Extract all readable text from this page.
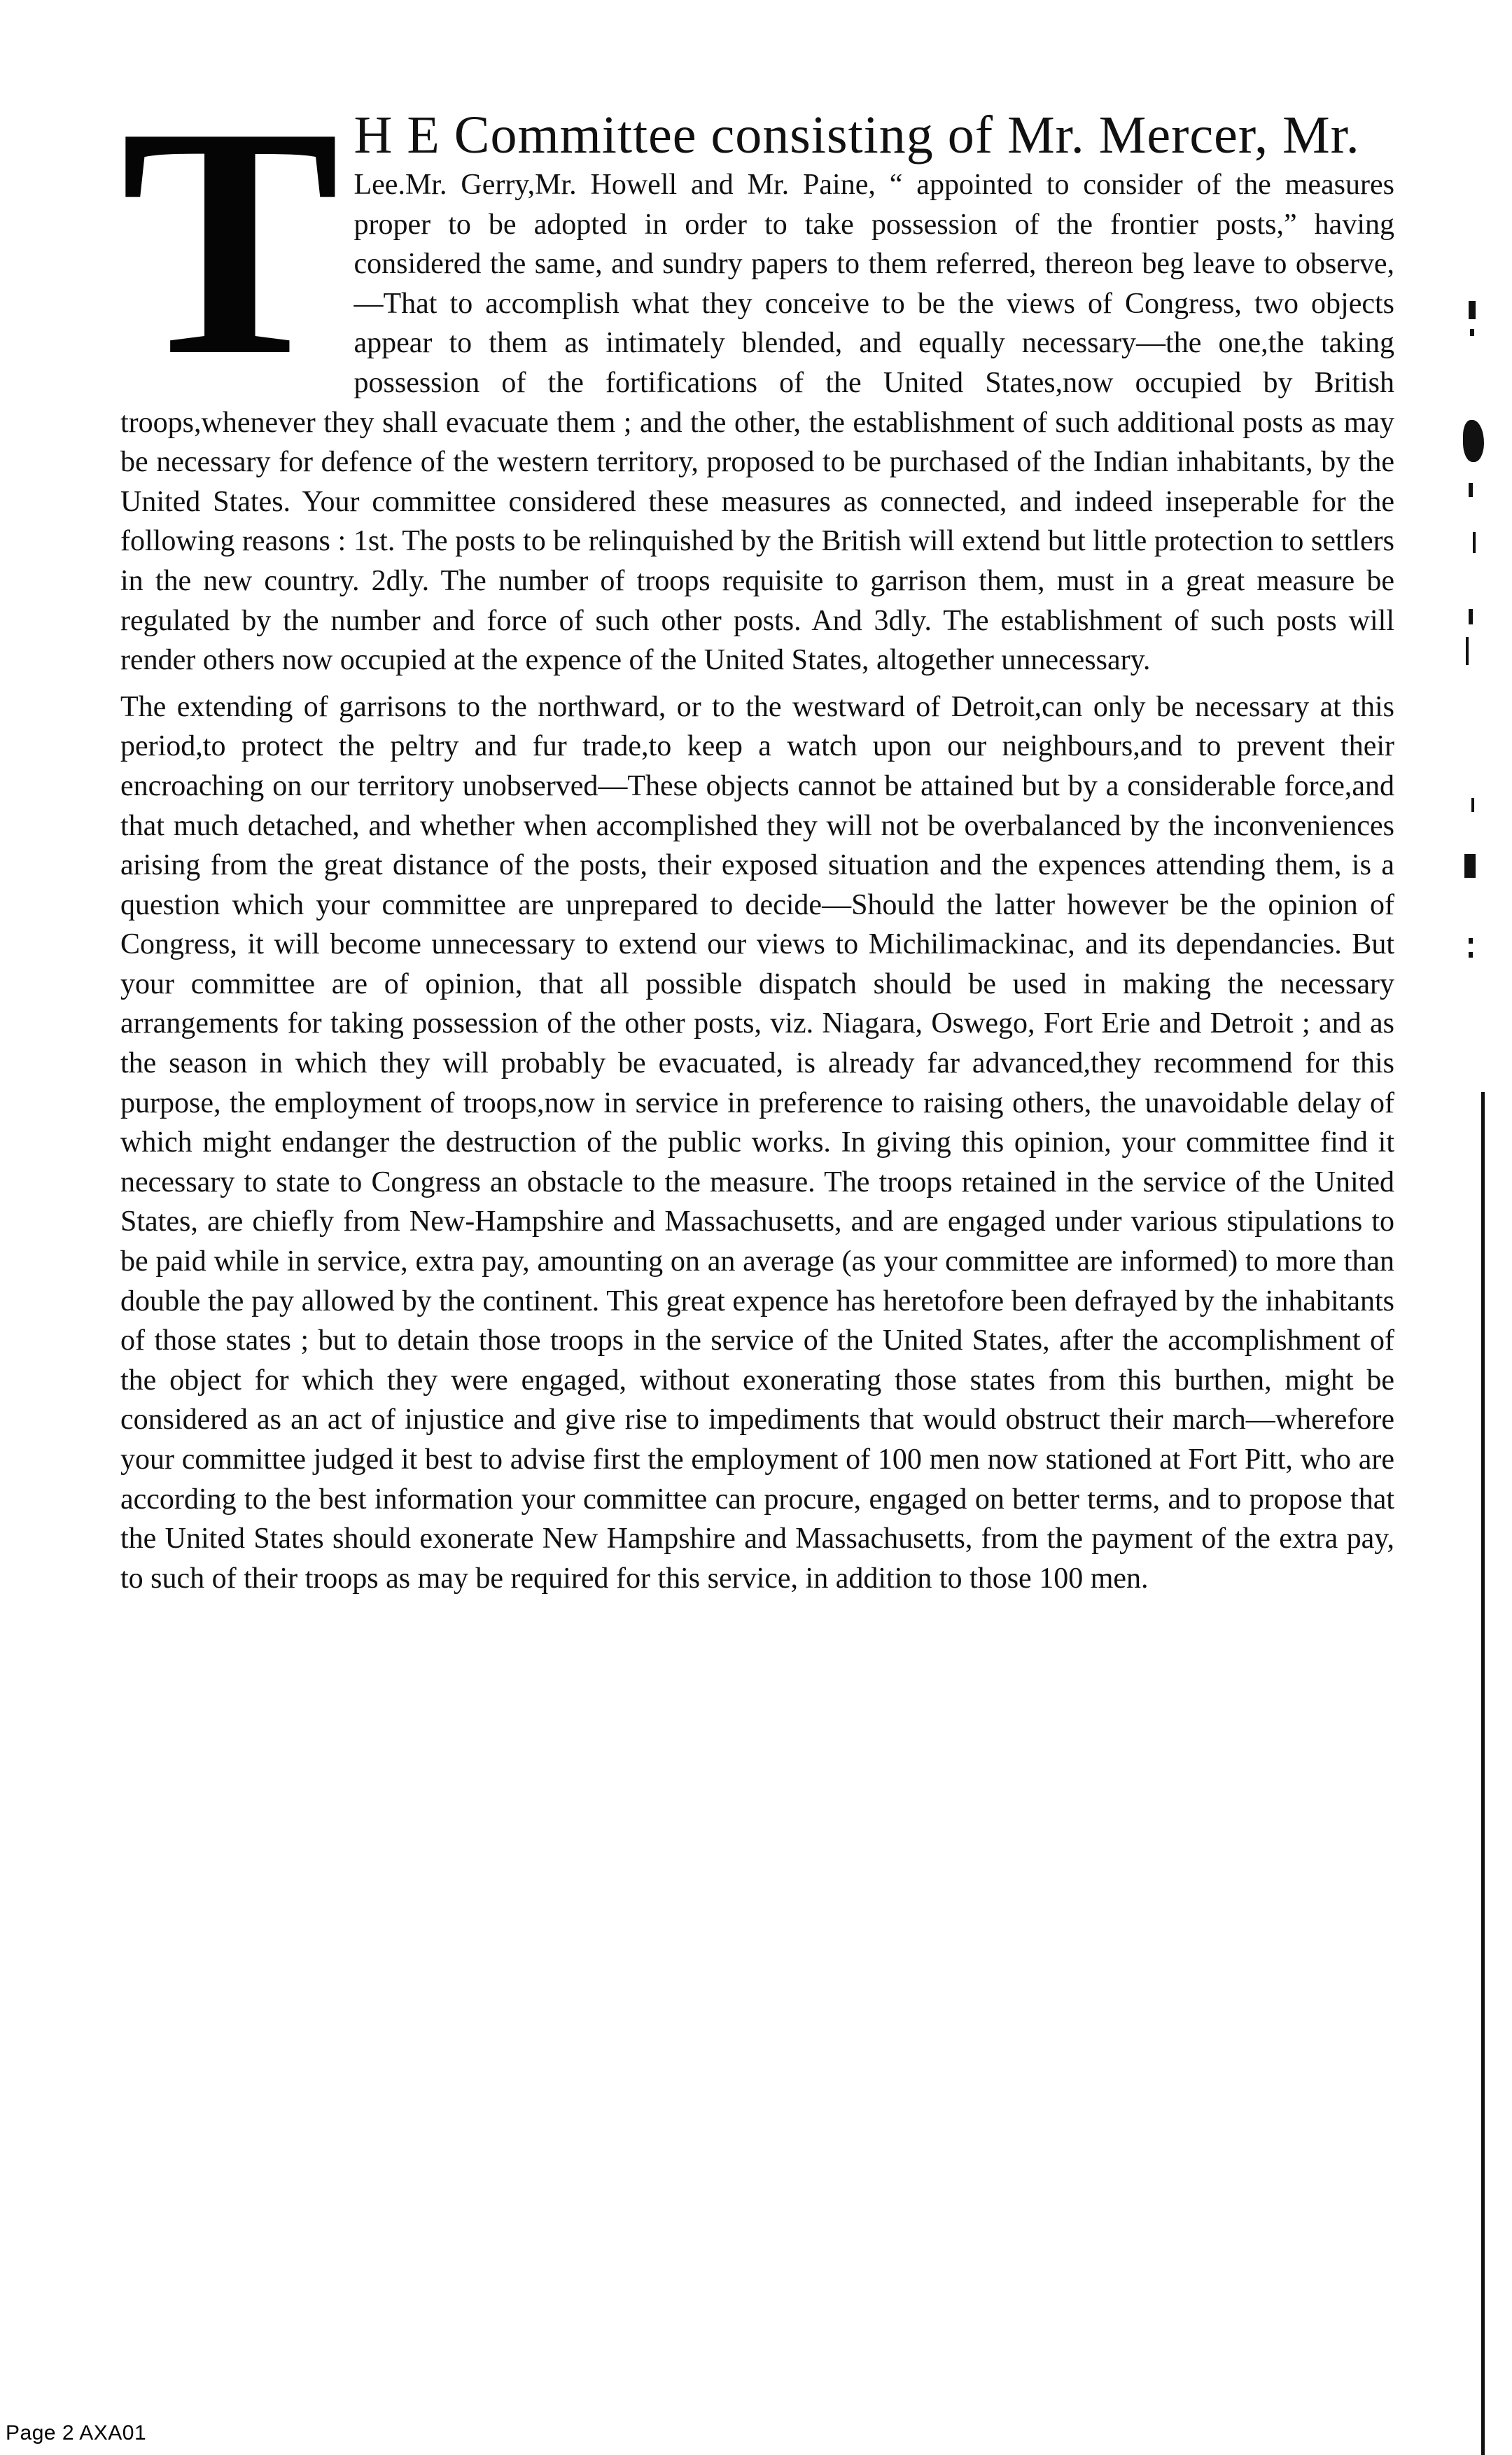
T H E Committee consisting of Mr. Mercer, Mr.

Lee.Mr. Gerry,Mr. Howell and Mr. Paine, “ appointed to consider of the measures proper to be adopted in order to take possession of the frontier posts,” having considered the same, and sundry papers to them referred, thereon beg leave to observe,—That to accomplish what they conceive to be the views of Congress, two objects appear to them as intimately blended, and equally necessary—the one,the taking possession of the fortifications of the United States,now occupied by British troops,whenever they shall evacuate them ; and the other, the establishment of such additional posts as may be necessary for defence of the western territory, proposed to be purchased of the Indian inhabitants, by the United States. Your committee considered these measures as connected, and indeed inseperable for the following reasons : 1st. The posts to be relinquished by the British will extend but little protection to settlers in the new country. 2dly. The number of troops requisite to garrison them, must in a great measure be regulated by the number and force of such other posts. And 3dly. The establishment of such posts will render others now occupied at the expence of the United States, altogether unnecessary.

The extending of garrisons to the northward, or to the westward of Detroit,can only be necessary at this period,to protect the peltry and fur trade,to keep a watch upon our neighbours,and to prevent their encroaching on our territory unobserved—These objects cannot be attained but by a considerable force,and that much detached, and whether when accomplished they will not be overbalanced by the inconveniences arising from the great distance of the posts, their exposed situation and the expences attending them, is a question which your committee are unprepared to decide—Should the latter however be the opinion of Congress, it will become unnecessary to extend our views to Michilimackinac, and its dependancies. But your committee are of opinion, that all possible dispatch should be used in making the necessary arrangements for taking possession of the other posts, viz. Niagara, Oswego, Fort Erie and Detroit ; and as the season in which they will probably be evacuated, is already far advanced,they recommend for this purpose, the employment of troops,now in service in preference to raising others, the unavoidable delay of which might endanger the destruction of the public works. In giving this opinion, your committee find it necessary to state to Congress an obstacle to the measure. The troops retained in the service of the United States, are chiefly from New-Hampshire and Massachusetts, and are engaged under various stipulations to be paid while in service, extra pay, amounting on an average (as your committee are informed) to more than double the pay allowed by the continent. This great expence has heretofore been defrayed by the inhabitants of those states ; but to detain those troops in the service of the United States, after the accomplishment of the object for which they were engaged, without exonerating those states from this burthen, might be considered as an act of injustice and give rise to impediments that would obstruct their march—wherefore your committee judged it best to advise first the employment of 100 men now stationed at Fort Pitt, who are according to the best information your committee can procure, engaged on better terms, and to propose that the United States should exonerate New Hampshire and Massachusetts, from the payment of the extra pay, to such of their troops as may be required for this service, in addition to those 100 men.

Page 2 AXA01
